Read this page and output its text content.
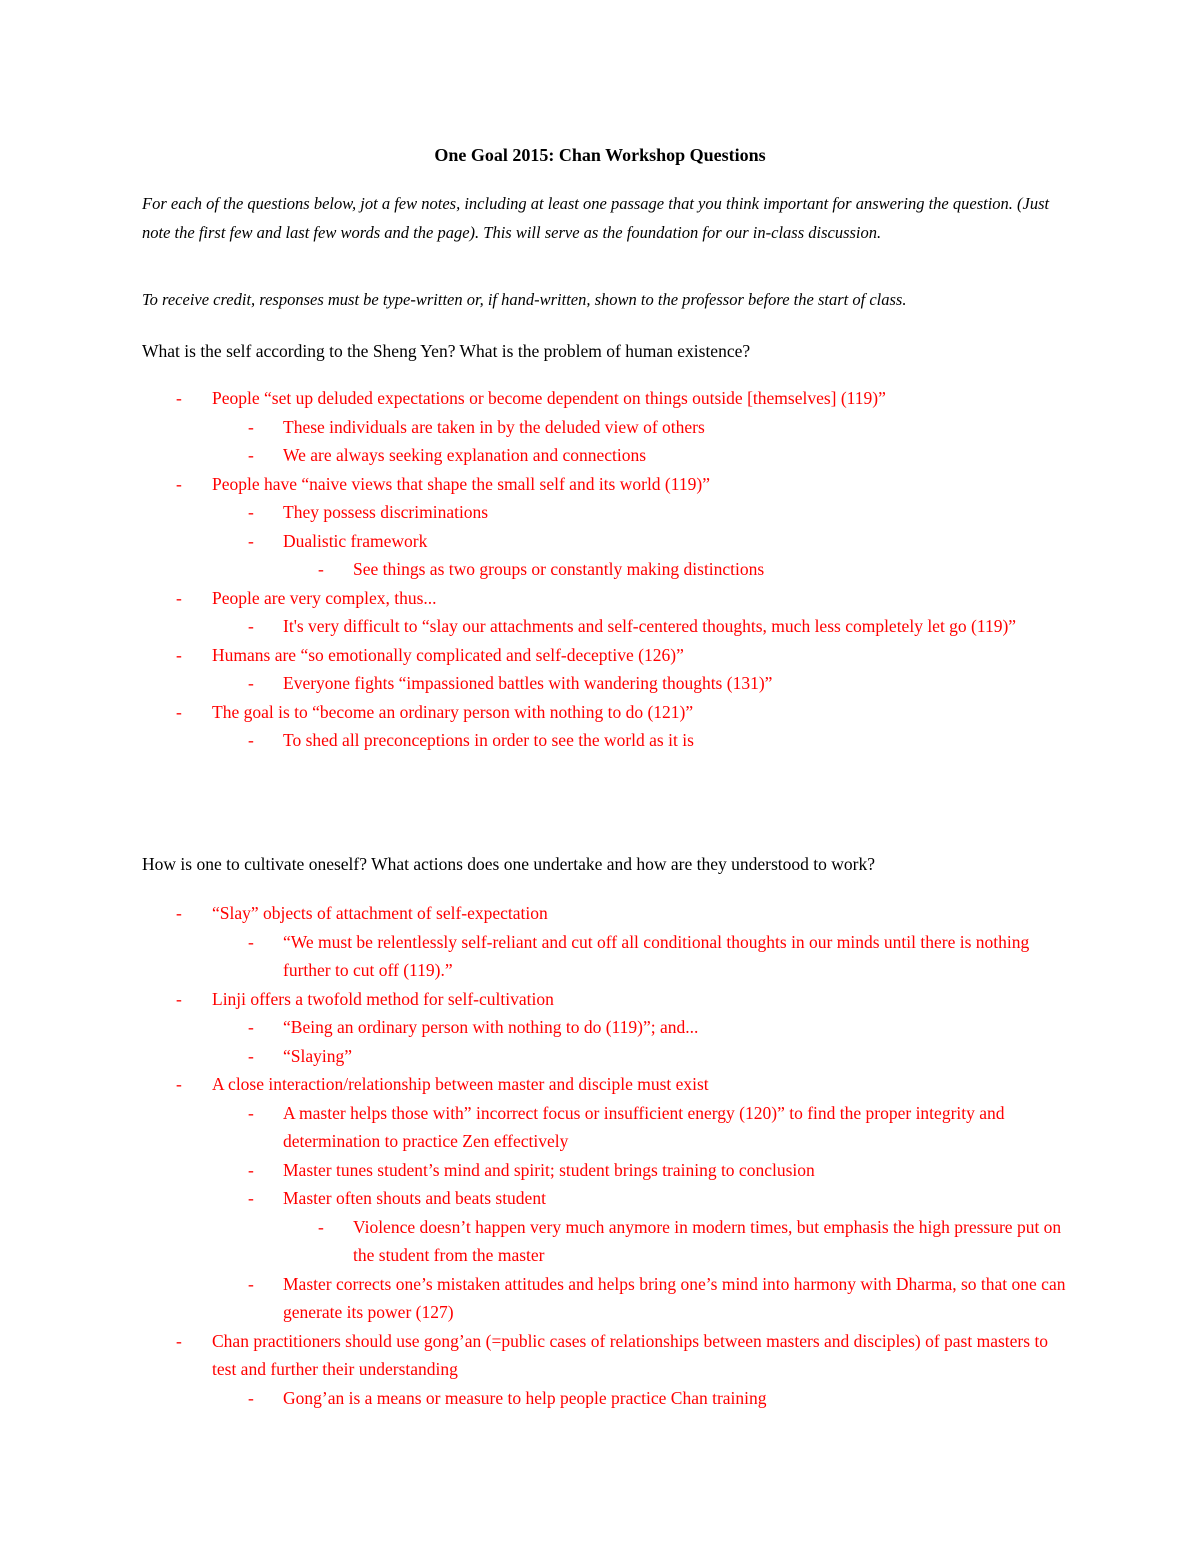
One Goal 2015: Chan Workshop Questions
For each of the questions below, jot a few notes, including at least one passage that you think important for answering the question. (Just note the first few and last few words and the page). This will serve as the foundation for our in-class discussion.
To receive credit, responses must be type-written or, if hand-written, shown to the professor before the start of class.
What is the self according to the Sheng Yen? What is the problem of human existence?
- People “set up deluded expectations or become dependent on things outside [themselves] (119)”
- These individuals are taken in by the deluded view of others
- We are always seeking explanation and connections
- People have “naive views that shape the small self and its world (119)”
- They possess discriminations
- Dualistic framework
- See things as two groups or constantly making distinctions
- People are very complex, thus...
- It's very difficult to “slay our attachments and self-centered thoughts, much less completely let go (119)”
- Humans are “so emotionally complicated and self-deceptive (126)”
- Everyone fights “impassioned battles with wandering thoughts (131)”
- The goal is to “become an ordinary person with nothing to do (121)”
- To shed all preconceptions in order to see the world as it is
How is one to cultivate oneself? What actions does one undertake and how are they understood to work?
- “Slay” objects of attachment of self-expectation
- “We must be relentlessly self-reliant and cut off all conditional thoughts in our minds until there is nothing further to cut off (119).”
- Linji offers a twofold method for self-cultivation
- “Being an ordinary person with nothing to do (119)”; and...
- “Slaying”
- A close interaction/relationship between master and disciple must exist
- A master helps those with” incorrect focus or insufficient energy (120)” to find the proper integrity and determination to practice Zen effectively
- Master tunes student’s mind and spirit; student brings training to conclusion
- Master often shouts and beats student
- Violence doesn’t happen very much anymore in modern times, but emphasis the high pressure put on the student from the master
- Master corrects one’s mistaken attitudes and helps bring one’s mind into harmony with Dharma, so that one can generate its power (127)
- Chan practitioners should use gong’an (=public cases of relationships between masters and disciples) of past masters to test and further their understanding
- Gong’an is a means or measure to help people practice Chan training
